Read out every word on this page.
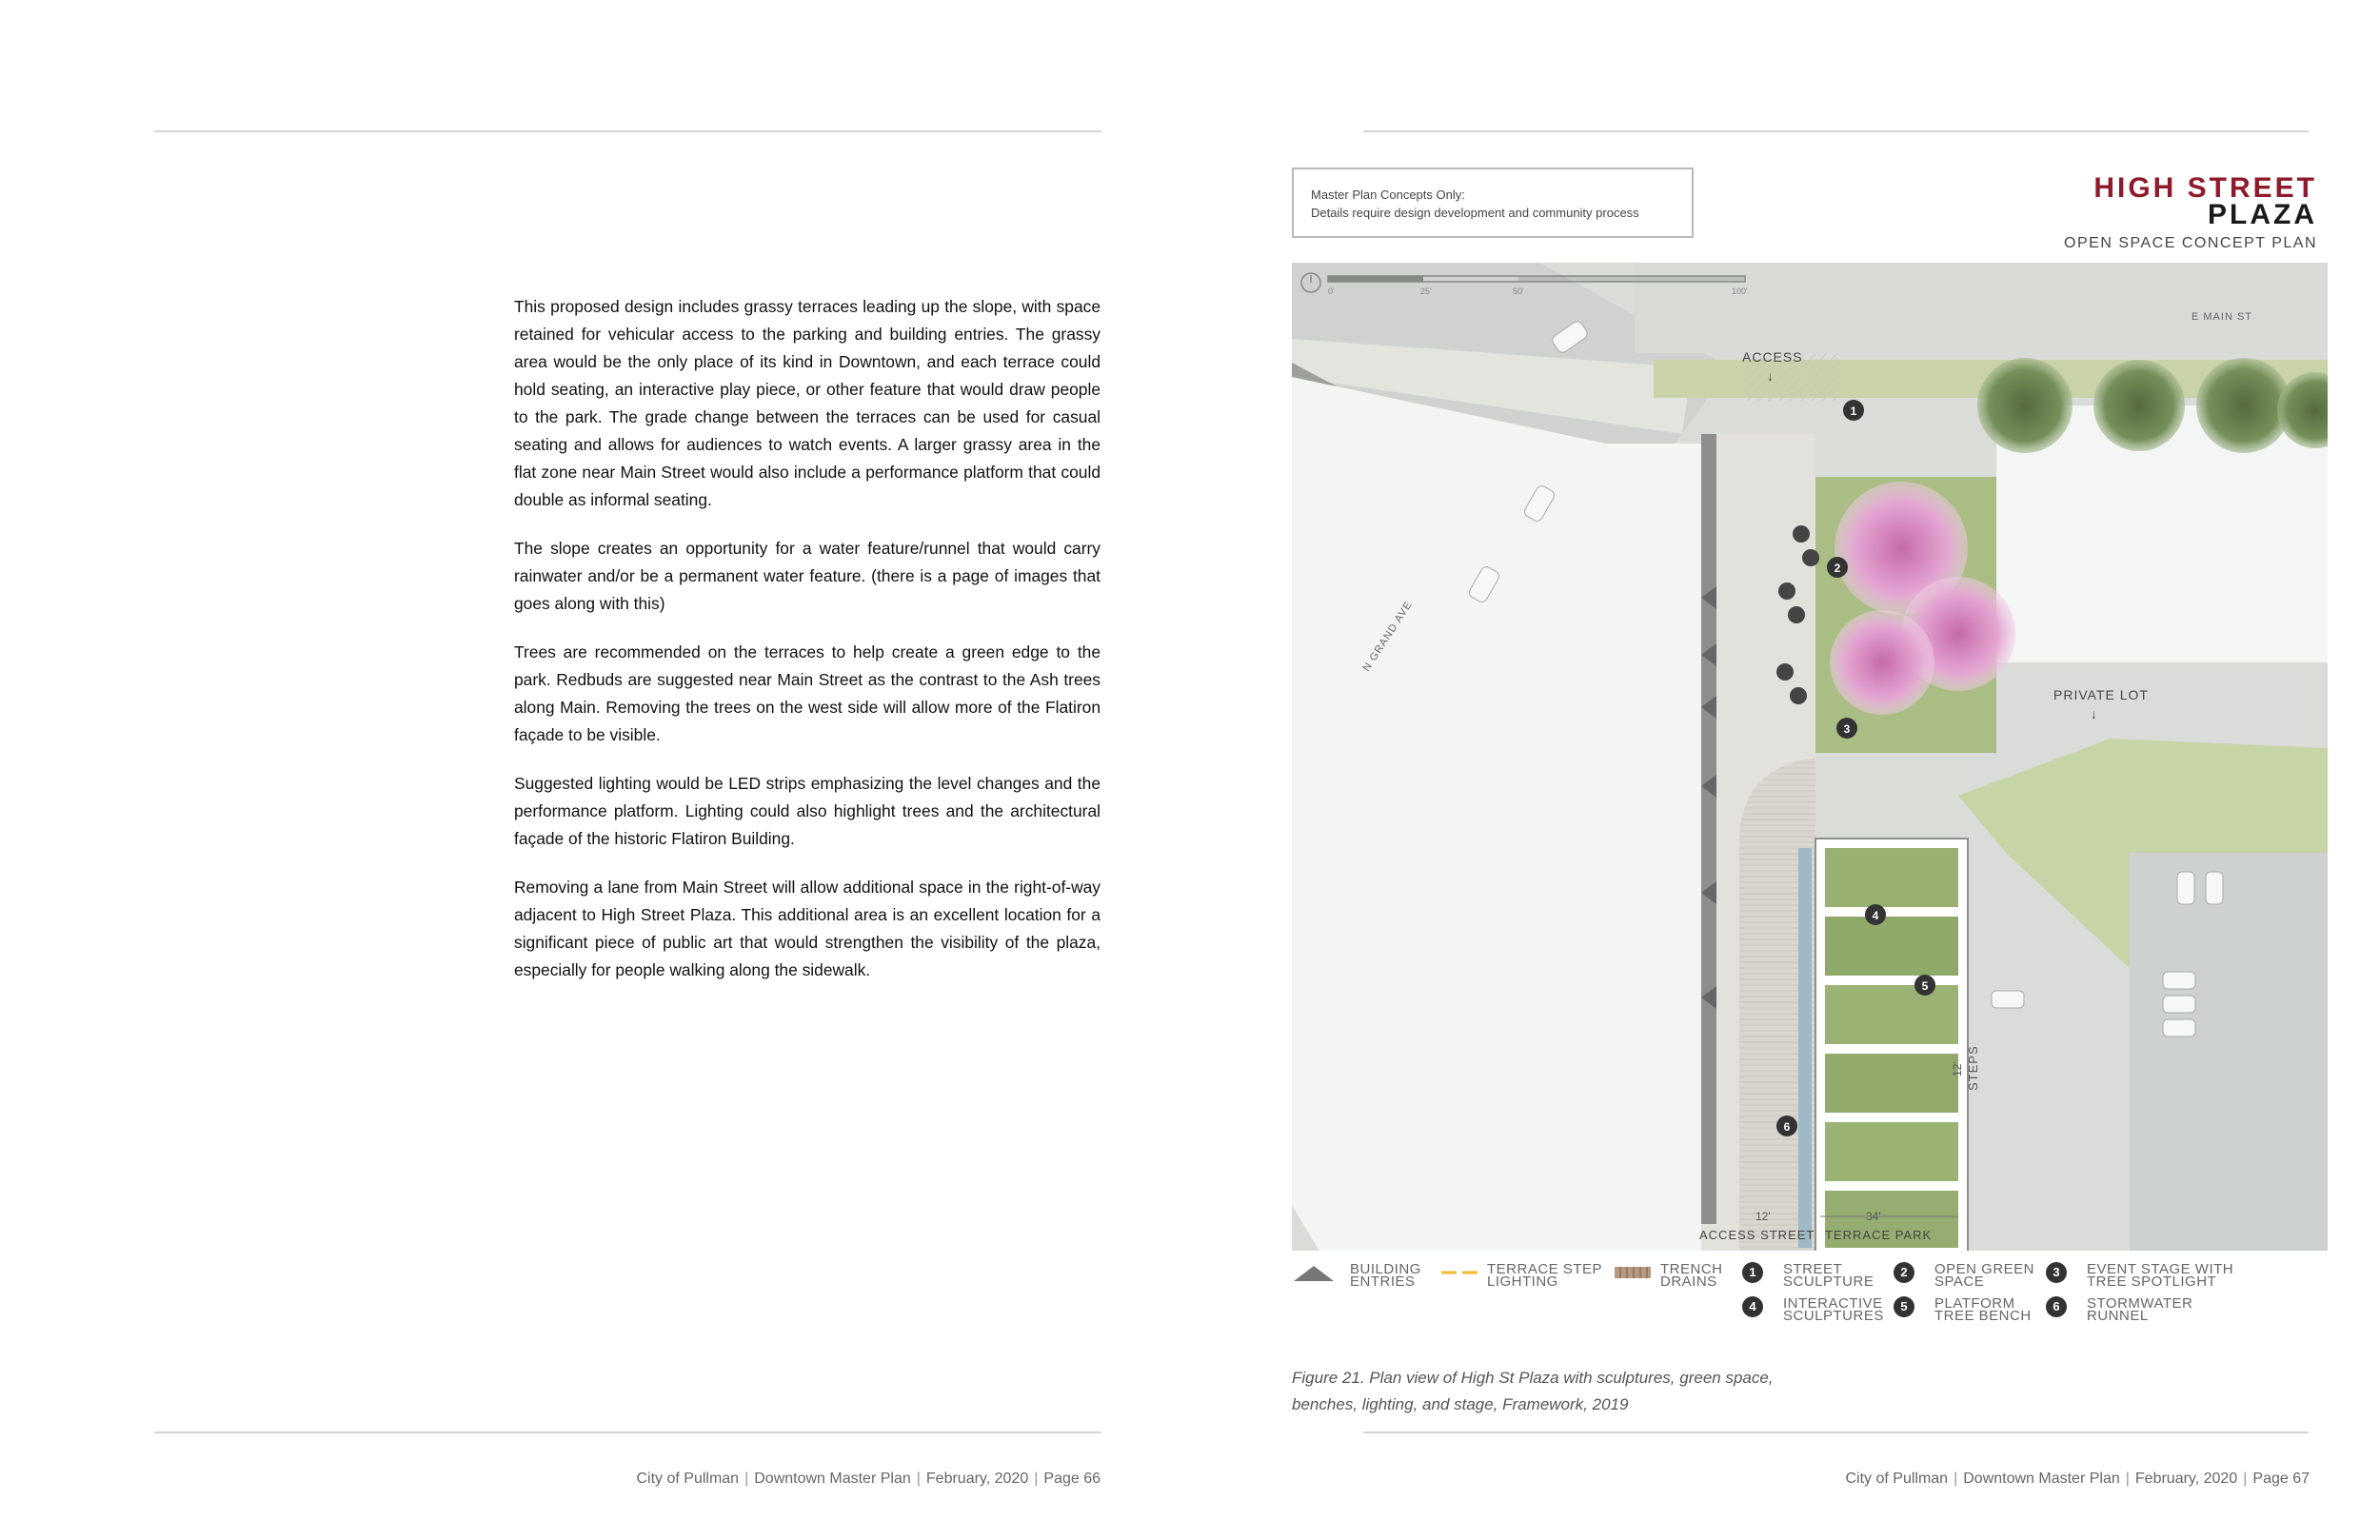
This proposed design includes grassy terraces leading up the slope, with space retained for vehicular access to the parking and building entries. The grassy area would be the only place of its kind in Downtown, and each terrace could hold seating, an interactive play piece, or other feature that would draw people to the park. The grade change between the terraces can be used for casual seating and allows for audiences to watch events. A larger grassy area in the flat zone near Main Street would also include a performance platform that could double as informal seating.

The slope creates an opportunity for a water feature/runnel that would carry rainwater and/or be a permanent water feature. (there is a page of images that goes along with this)

Trees are recommended on the terraces to help create a green edge to the park. Redbuds are suggested near Main Street as the contrast to the Ash trees along Main. Removing the trees on the west side will allow more of the Flatiron façade to be visible.

Suggested lighting would be LED strips emphasizing the level changes and the performance platform. Lighting could also highlight trees and the architectural façade of the historic Flatiron Building.

Removing a lane from Main Street will allow additional space in the right-of-way adjacent to High Street Plaza. This additional area is an excellent location for a significant piece of public art that would strengthen the visibility of the plaza, especially for people walking along the sidewalk.

City of Pullman | Downtown Master Plan | February, 2020 | Page 66
Master Plan Concepts Only:
Details require design development and community process
HIGH STREET
PLAZA
OPEN SPACE CONCEPT PLAN
0'	25'	50'	100'
E MAIN ST
N GRAND AVE
ACCESS
↓
PRIVATE LOT
↓
STEPS
12'
12'	34'
ACCESS STREET TERRACE PARK
1
2
3
4
5
6
BUILDING
ENTRIES
TERRACE STEP
LIGHTING
TRENCH
DRAINS
1	STREET
SCULPTURE
2	OPEN GREEN
SPACE
3	EVENT STAGE WITH
TREE SPOTLIGHT
4	INTERACTIVE
SCULPTURES
5	PLATFORM
TREE BENCH
6	STORMWATER
RUNNEL
Figure 21. Plan view of High St Plaza with sculptures, green space,
benches, lighting, and stage, Framework, 2019
City of Pullman | Downtown Master Plan | February, 2020 | Page 67
